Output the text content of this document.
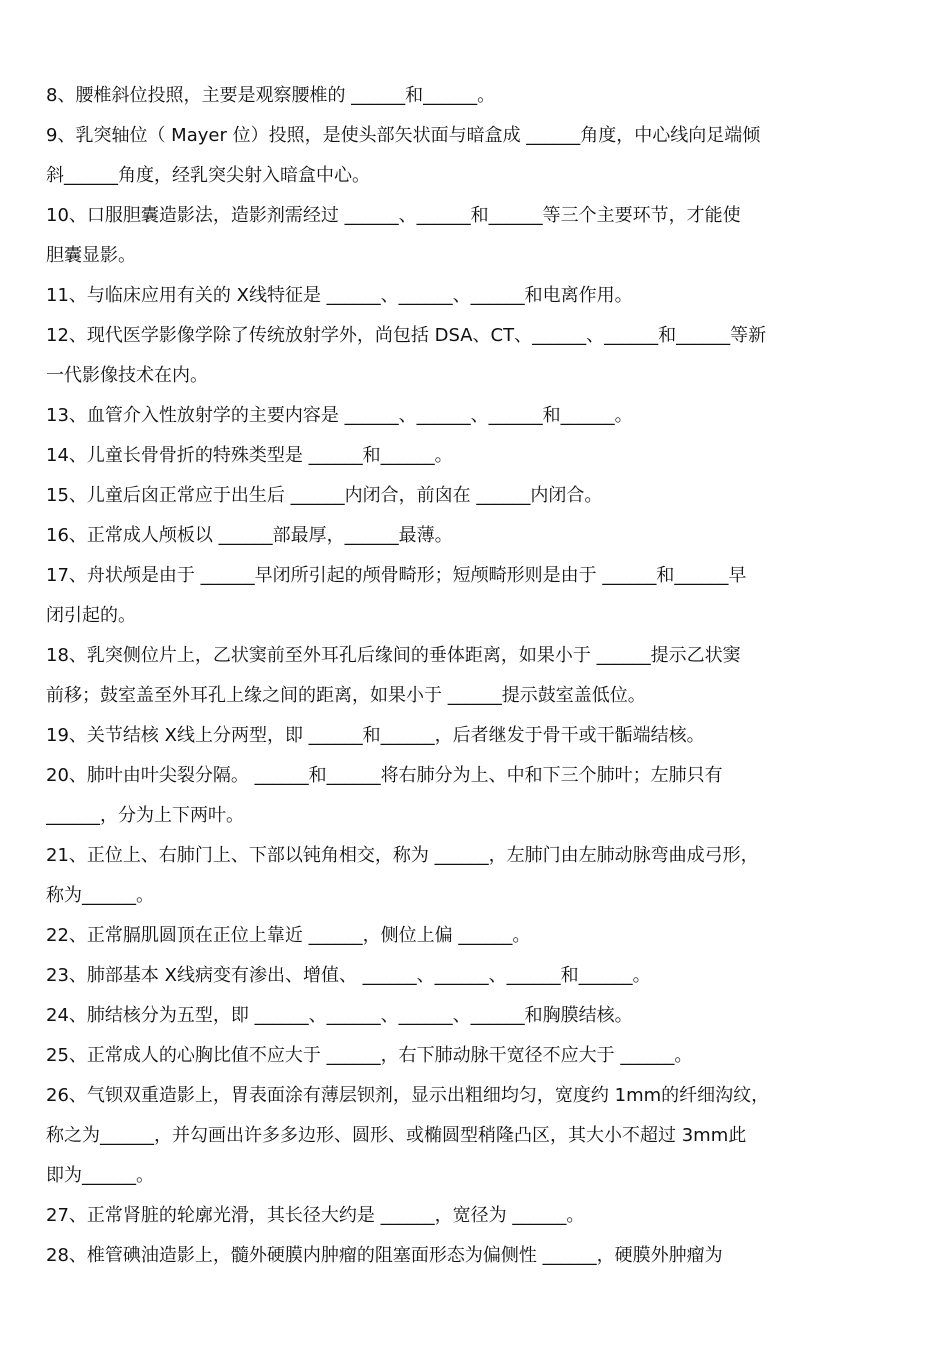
8、腰椎斜位投照，主要是观察腰椎的 ______和______。
9、乳突轴位（ Mayer 位）投照，是使头部矢状面与暗盒成 ______角度，中心线向足端倾
斜______角度，经乳突尖射入暗盒中心。
10、口服胆囊造影法，造影剂需经过 ______、______和______等三个主要环节，才能使
胆囊显影。
11、与临床应用有关的 X线特征是 ______、______、______和电离作用。
12、现代医学影像学除了传统放射学外，尚包括 DSA、CT、______、______和______等新
一代影像技术在内。
13、血管介入性放射学的主要内容是 ______、______、______和______。
14、儿童长骨骨折的特殊类型是 ______和______。
15、儿童后囟正常应于出生后 ______内闭合，前囟在 ______内闭合。
16、正常成人颅板以 ______部最厚，______最薄。
17、舟状颅是由于 ______早闭所引起的颅骨畸形；短颅畸形则是由于 ______和______早
闭引起的。
18、乳突侧位片上，乙状窦前至外耳孔后缘间的垂体距离，如果小于 ______提示乙状窦
前移；鼓室盖至外耳孔上缘之间的距离，如果小于 ______提示鼓室盖低位。
19、关节结核 X线上分两型，即 ______和______，后者继发于骨干或干骺端结核。
20、肺叶由叶尖裂分隔。 ______和______将右肺分为上、中和下三个肺叶；左肺只有
______，分为上下两叶。
21、正位上、右肺门上、下部以钝角相交，称为 ______，左肺门由左肺动脉弯曲成弓形，
称为______。
22、正常膈肌圆顶在正位上靠近 ______，侧位上偏 ______。
23、肺部基本 X线病变有渗出、增值、 ______、______、______和______。
24、肺结核分为五型，即 ______、______、______、______和胸膜结核。
25、正常成人的心胸比值不应大于 ______，右下肺动脉干宽径不应大于 ______。
26、气钡双重造影上，胃表面涂有薄层钡剂，显示出粗细均匀，宽度约 1mm的纤细沟纹，
称之为______，并勾画出许多多边形、圆形、或椭圆型稍隆凸区，其大小不超过 3mm此
即为______。
27、正常肾脏的轮廓光滑，其长径大约是 ______，宽径为 ______。
28、椎管碘油造影上，髓外硬膜内肿瘤的阻塞面形态为偏侧性 ______，硬膜外肿瘤为
